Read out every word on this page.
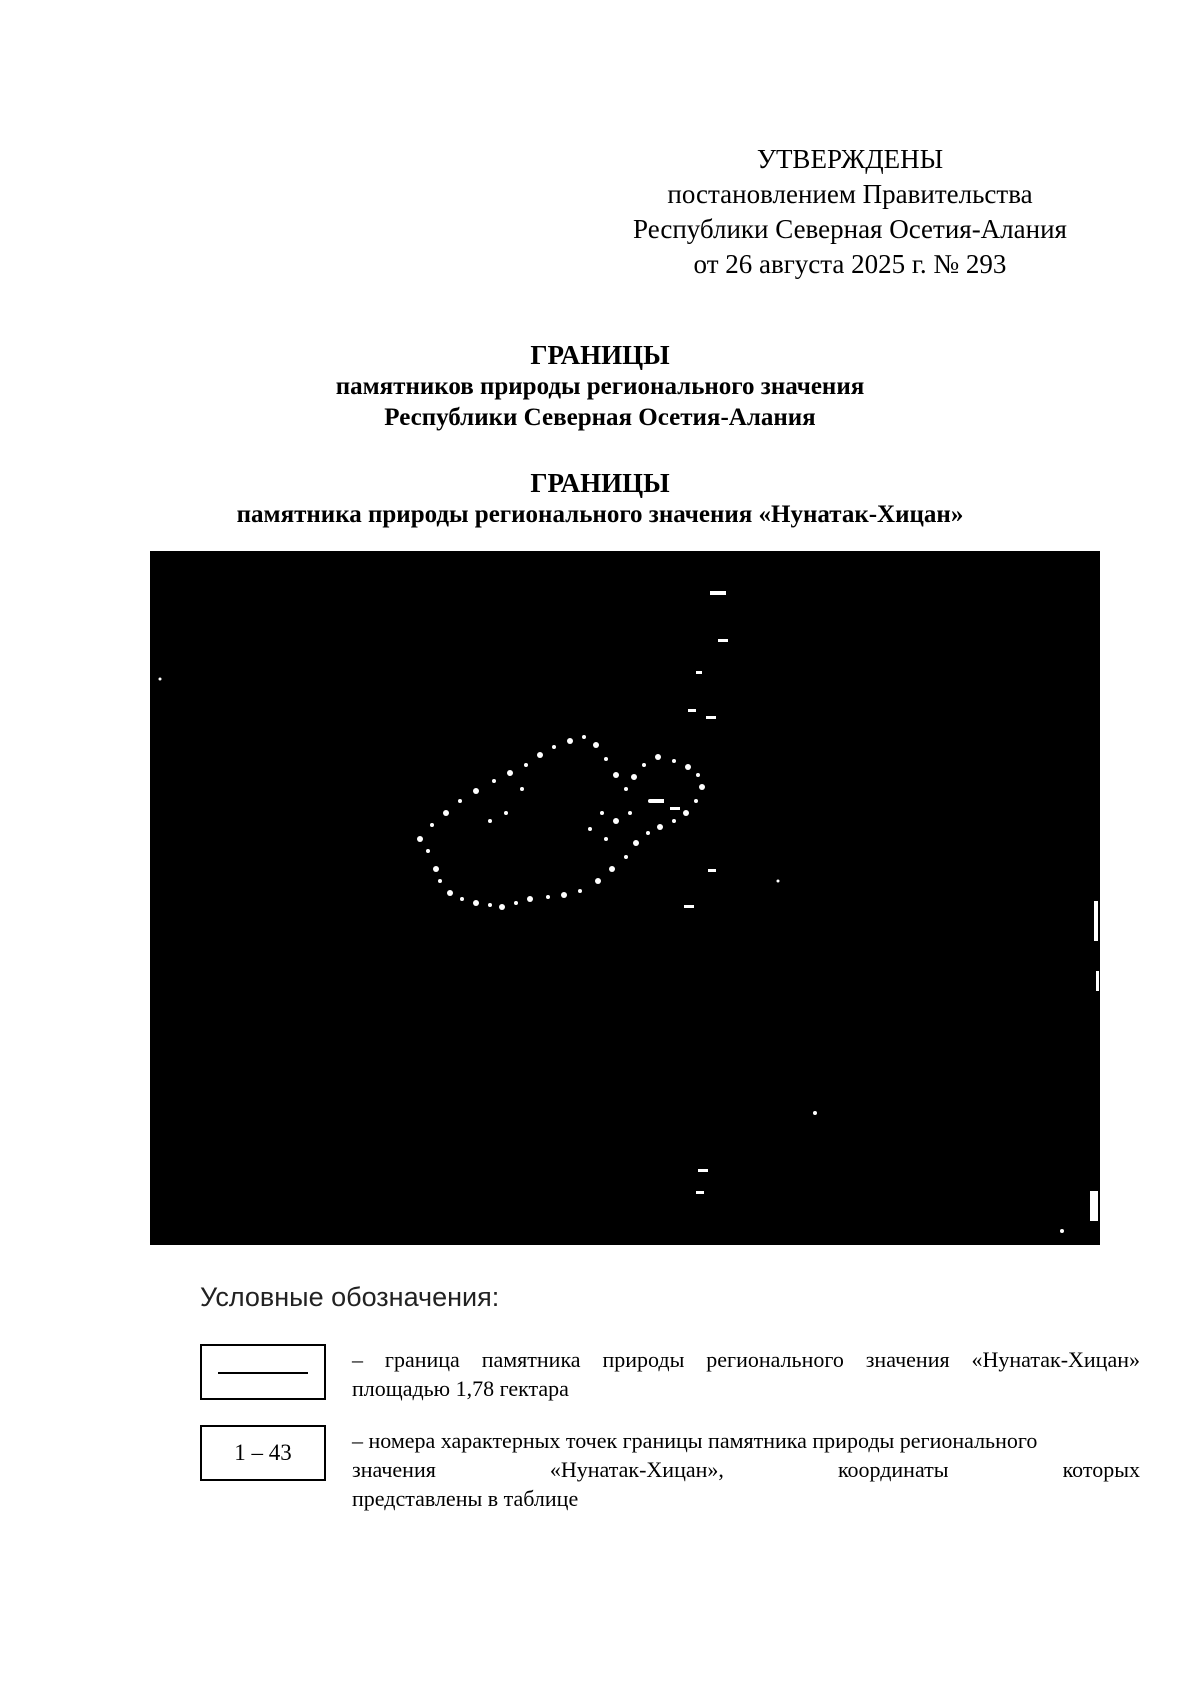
УТВЕРЖДЕНЫ
постановлением Правительства
Республики Северная Осетия-Алания
от 26 августа 2025 г. № 293
ГРАНИЦЫ
памятников природы регионального значения
Республики Северная Осетия-Алания
ГРАНИЦЫ
памятника природы регионального значения «Нунатак-Хицан»
Условные обозначения:
– граница памятника природы регионального значения «Нунатак-Хицан» площадью 1,78 гектара
1 – 43	– номера характерных точек границы памятника природы регионального
значения	«Нунатак-Хицан»,	координаты	которых
представлены в таблице
